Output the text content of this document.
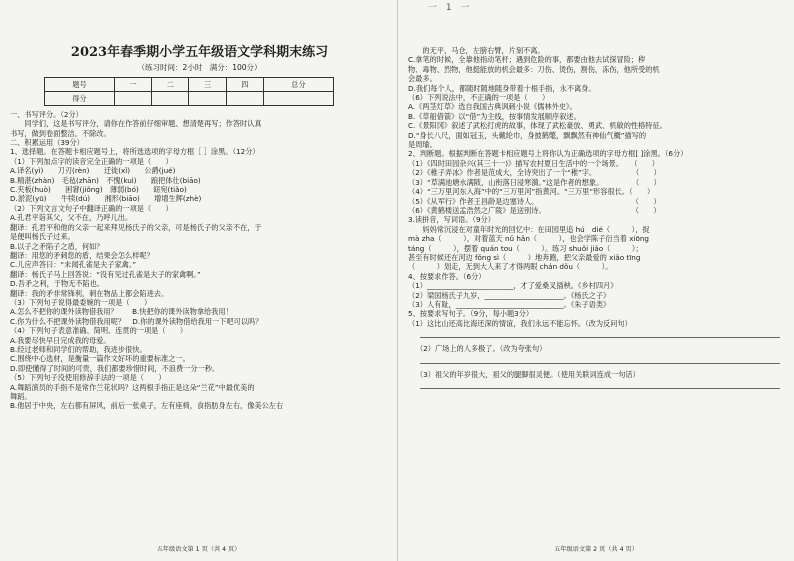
2023年春季期小学五年级语文学科期末练习
（练习时间：2小时　满分：100分）
题号	一	二	三	四	总分
得分					
一、书写评分。（2分）
　　同学们，这是书写评分，请你在作答前仔细审题、想清楚再写；作答时认真
书写，做到卷面整洁，不除改。
二、积累运用（39分）
1、选择题。在答题卡相应题号上，将所选选项的字母方框［ ］涂黑。（12分）
（1）下列加点字的读音完全正确的一项是（　　）
A.译名(yì)　　刀刃(rèn)　　迁徙(xǐ)　　公爵(jué)
B.精湛(zhàn)　毛毡(zhān)　不愧(kuì)　　踉把体仕(biāo)
C.夹板(huò)　　困窘(jiǒng)　薄弱(bó)　　窈宛(tiǎo)
D.淤泥(yū)　　牛犊(dú)　　湘形(biāo)　　增增生辉(zhè)
（2）下列文言文句子中翻译正确的一项是（　　）
A.孔君平诣其父，父不在，乃呼儿出。
翻译：孔君平和他的父亲一起来拜见杨氏子的父亲，可是杨氏子的父亲不在，于
是便叫杨氏子过来。
B.以子之矛陷子之盾，何如？
翻译：用您的矛刺您的盾，结果会怎么样呢？
C.儿应声答曰：“未闻孔雀是夫子家禽。”
翻译：杨氏子马上回答说：“没有见过孔雀是夫子的家禽啊。”
D.吾矛之利，于物无不陷也。
翻译：我的矛非常锋利，刺在物品上都会陷进去。
（3）下列句子说得最委婉的一项是（　　）
A.怎么不把你的课外读物借我用？　　B.快把你的课外读物拿给我用！
C.你为什么不把课外读物借我用呢？　D.你的课外读物借给我用一下吧可以吗？
（4）下列句子表意准确、简明、连贯的一项是（　　）
A.我要尽快早日完成我的母爱。
B.经过老师和同学们的帮助，我进步很快。
C.围绕中心选材，是衡量一篇作文好坏的重要标准之一。
D.即使懂得了时间的可贵，我们都要珍惜时间，不浪费一分一秒。
（5）下列句子没使用修辞手法的一项是（　　）
A.舞蹈演员的手指不是常作兰花状吗？这两根手指正是这朵“兰花”中最优美的
舞蹈。
B.他居于中央，左右都有屏风，前后一张桌子，左有座椅，食指肪身左右，像美公左右
五年级语文第 1 页（共 4 页）
一 1 一
　　的无平，马仓，左膀右臂，片刻不离。
C.拿笔的时候，全靠他指动笔杆；遇到危险的事，都要由他去试探冒险；秽
物、毒物、烈物，他挺能放的机会最多：刀伤、烫伤，割伤，冻伤，他所受的机
会最多。
D.我们每个人，都随时随地随身带着十根手指，永不离身。
（6）下列说法中，不正确的一项是（　　）
A.《两茎灯草》选自我国古典讽刺小说《儒林外史》。
B.《草船借箭》以“借”为主线，按事情发展顺序叙述。
C.《景阳冈》叙述了武松打虎的故事，体现了武松豪放、勇武、机敏的性格特征。
D.“身长八尺，面如冠玉，头戴纶巾，身披鹤氅，飘飘然有神仙气概”描写的
是周瑜。
2、判断题。根据判断在答题卡相应题号上将你认为正确选项的字母方框[ ]涂黑。（6分）
（1）《四时田园杂兴(其三十一)》描写农村夏日生活中的一个场景。　　（　　）
（2）《稚子弄冰》作者是范成大，全诗突出了一个“稚”字。　　　　　　（　　）
（3）“草满池塘水满陂，山衔落日浸寒漪。”这是作者的想象。　　　　　（　　）
（4）“三万里河东入海”中的“三万里河”指黄河。“三万里”形容很长。（　　）
（5）《从军行》作者王昌龄是边塞诗人。　　　　　　　　　　　　　　（　　）
（6）《黄鹤楼送孟浩然之广陵》是送别诗。　　　　　　　　　　　　　（　　）
3.读拼音，写词语。（9分）
　　妈妈常沉浸在对童年时光的回忆中：在田园里追 hú　dié（　　　），捉
mà zha（　　　），对着蓝天 nǔ hǎn（　　　），也会学陈子衍当着 xiōng
táng（　　　），摆着 quán tou（　　　）。练习 shuǒi jiǎo（　　　）；
甚至有时候还在河边 fǒng sì（　　　）地奔跑，把父亲最爱的 xiǎo tīng
（　　　）划走，无到大人来了才得两眼 chán dǒu（　　　）。
4、按要求作答。（6分）
（1）________________________，才了爱桑叉插秧。《乡村四月》
（2）梁国杨氏子九岁，______________________。《杨氏之子》
（3）人有耻，______________________________。《朱子语类》
5、按要求写句子。（9分，每小题3分）
（1）这比山还高比海还深的情谊，我们永远不能忘怀。（改为反问句）
（2）广场上的人多极了。（改为夸张句）
（3）祖父的年岁很大，祖父的腿脚很灵便。（使用关联词连成一句话）
五年级语文第 2 页（共 4 页）
